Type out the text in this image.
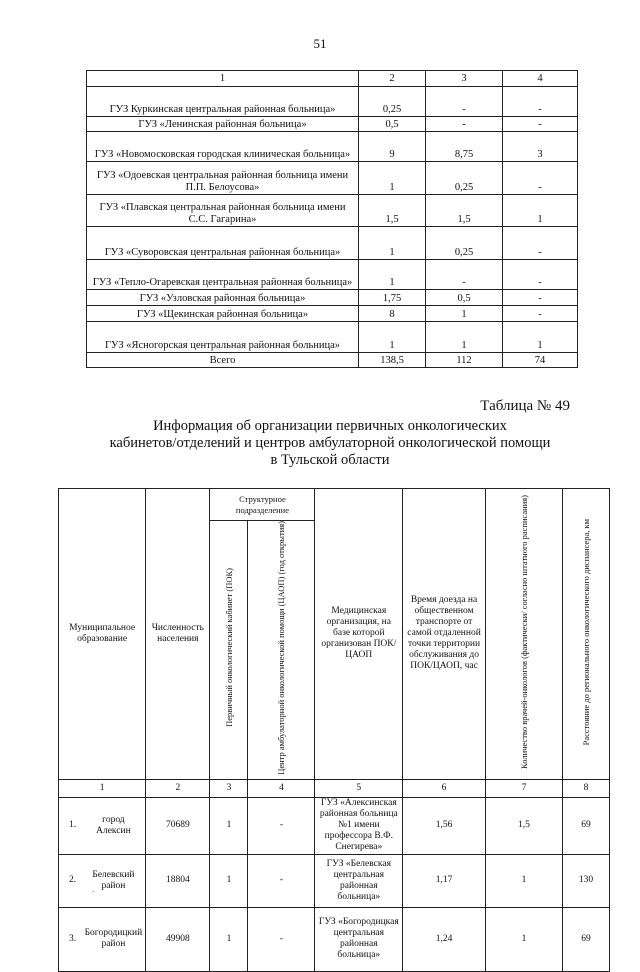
51
1	2	3	4
ГУЗ Куркинская центральная районная больница»	0,25	-	-
ГУЗ «Ленинская районная больница»	0,5	-	-
ГУЗ «Новомосковская городская клиническая больница»	9	8,75	3
ГУЗ «Одоевская центральная районная больница имени П.П. Белоусова»	1	0,25	-
ГУЗ «Плавская центральная районная больница имени С.С. Гагарина»	1,5	1,5	1
ГУЗ «Суворовская центральная районная больница»	1	0,25	-
ГУЗ «Тепло-Огаревская центральная районная больница»	1	-	-
ГУЗ «Узловская районная больница»	1,75	0,5	-
ГУЗ «Щекинская районная больница»	8	1	-
ГУЗ «Ясногорская центральная районная больница»	1	1	1
Всего	138,5	112	74
Таблица № 49
Информация об организации первичных онкологических
кабинетов/отделений и центров амбулаторной онкологической помощи
в Тульской области
Муниципальное образование		Численность населения	Структурное подразделение		Медицинская организация, на базе которой организован ПОК/ЦАОП	Время доезда на общественном транспорте от самой отдаленной точки территории обслуживания до ПОК/ЦАОП, час	Количество врачей-онкологов (фактически/ согласно штатного расписания)	Расстояние до регионального онкологического диспансера, км
			Первичный онкологический кабинет (ПОК)	Центр амбулаторной онкологической помощи (ЦАОП) (год открытия)				
1		2	3	4	5	6	7	8
1.	город Алексин	70689	1	-	ГУЗ «Алексинская районная больница №1 имени профессора В.Ф. Снегирева»	1,56	1,5	69
2.	Белевский район	18804	1	-	ГУЗ «Белевская центральная районная больница»	1,17	1	130
3.	Богородицкий район	49908	1	-	ГУЗ «Богородицкая центральная районная больница»	1,24	1	69
.
